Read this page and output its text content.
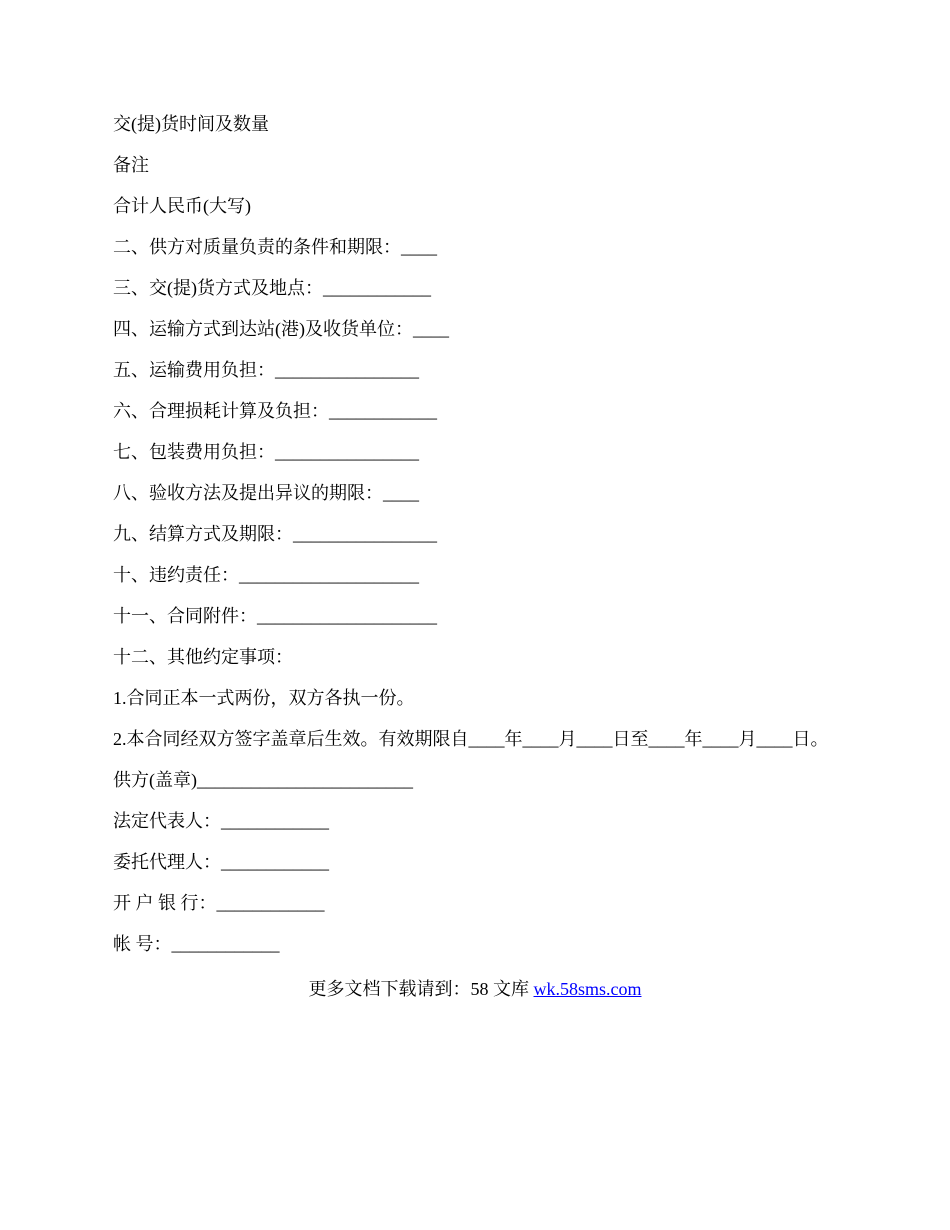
交(提)货时间及数量
备注
合计人民币(大写)
二、供方对质量负责的条件和期限：____
三、交(提)货方式及地点：____________
四、运输方式到达站(港)及收货单位：____
五、运输费用负担：________________
六、合理损耗计算及负担：____________
七、包装费用负担：________________
八、验收方法及提出异议的期限：____
九、结算方式及期限：________________
十、违约责任：____________________
十一、合同附件：____________________
十二、其他约定事项：
1.合同正本一式两份，双方各执一份。
2.本合同经双方签字盖章后生效。有效期限自____年____月____日至____年____月____日。
供方(盖章)________________________
法定代表人：____________
委托代理人：____________
开 户 银 行：____________
帐 号：____________
更多文档下载请到：58 文库 wk.58sms.com
